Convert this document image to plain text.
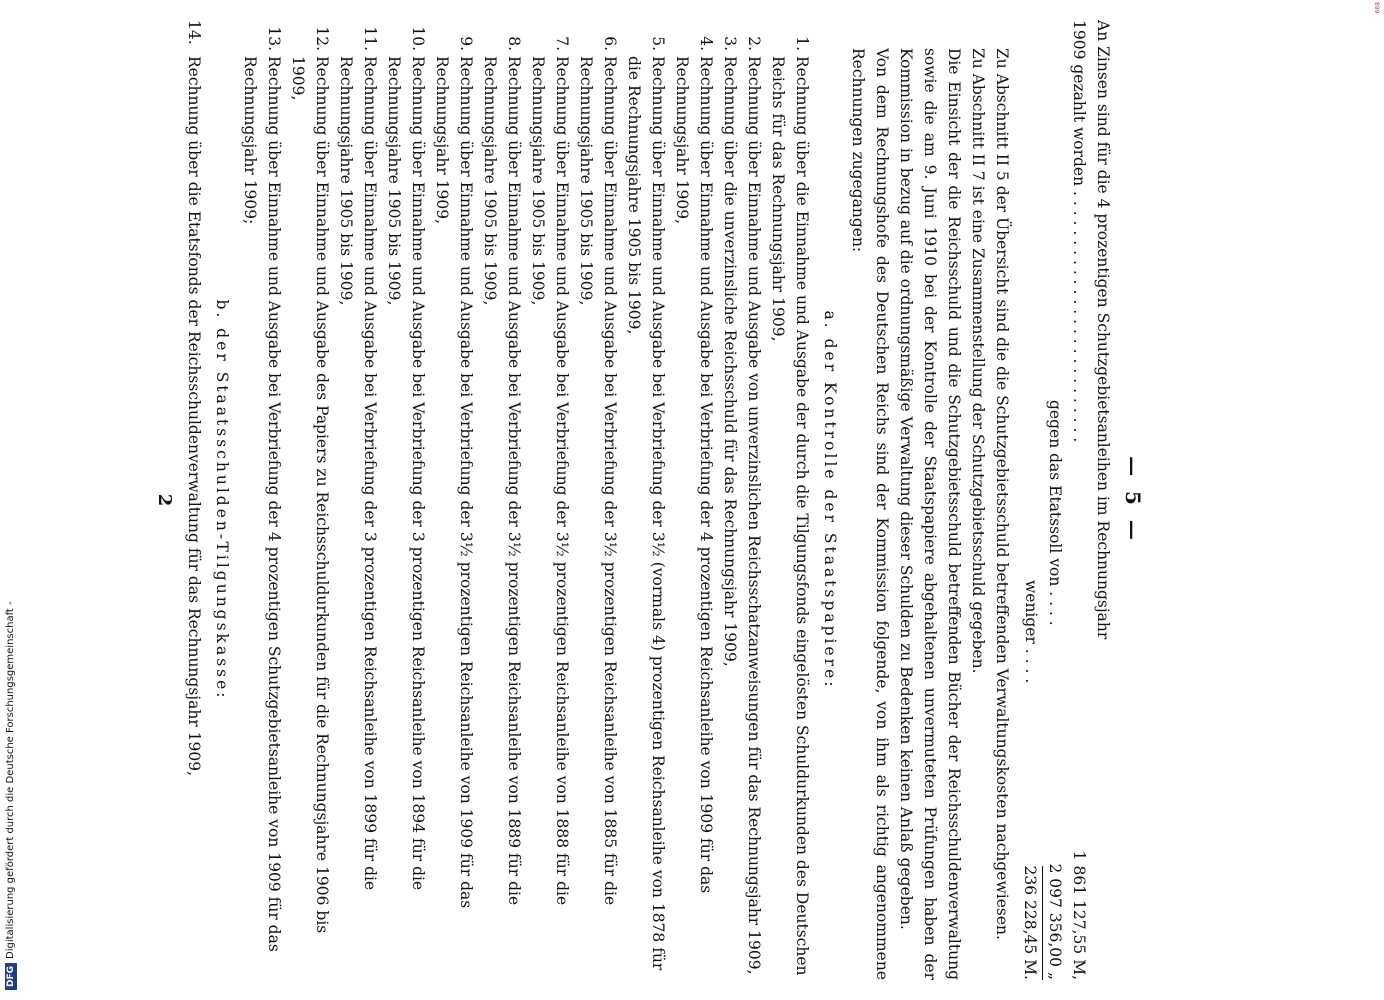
DFG
Digitalisierung gefördert durch die Deutsche Forschungsgemeinschaft -
899
— 5 —
An Zinsen sind für die 4 prozentigen Schutzgebietsanleihen im Rechnungsjahr
1909 gezahlt worden . . . . . . . . . . . . . . . . . . . . . . . . . .
1 861 127,55 M,
gegen das Etatssoll von . . . .
2 097 356,00 „
weniger . . . .
236 228,45 M.

Zu Abschnitt II 5 der Übersicht sind die die Schutzgebietsschuld betreffenden Verwaltungskosten nachgewiesen.

Zu Abschnitt II 7 ist eine Zusammenstellung der Schutzgebietsschuld gegeben.

Die Einsicht der die Reichsschuld und die Schutzgebietsschuld betreffenden Bücher der Reichsschuldenverwaltung sowie die am 9. Juni 1910 bei der Kontrolle der Staatspapiere abgehaltenen unvermuteten Prüfungen haben der Kommission in bezug auf die ordnungsmäßige Verwaltung dieser Schulden zu Bedenken keinen Anlaß gegeben.

Von dem Rechnungshofe des Deutschen Reichs sind der Kommission folgende, von ihm als richtig angenommene Rechnungen zugegangen:

a. der Kontrolle der Staatspapiere:
1. Rechnung über die Einnahme und Ausgabe der durch die Tilgungsfonds eingelösten Schuldurkunden des Deutschen Reichs für das Rechnungsjahr 1909,
2. Rechnung über Einnahme und Ausgabe von unverzinslichen Reichsschatzanweisungen für das Rechnungsjahr 1909,
3. Rechnung über die unverzinsliche Reichsschuld für das Rechnungsjahr 1909,
4. Rechnung über Einnahme und Ausgabe bei Verbriefung der 4 prozentigen Reichsanleihe von 1909 für das Rechnungsjahr 1909,
5. Rechnung über Einnahme und Ausgabe bei Verbriefung der 3½ (vormals 4) prozentigen Reichsanleihe von 1878 für die Rechnungsjahre 1905 bis 1909,
6. Rechnung über Einnahme und Ausgabe bei Verbriefung der 3½ prozentigen Reichsanleihe von 1885 für die Rechnungsjahre 1905 bis 1909,
7. Rechnung über Einnahme und Ausgabe bei Verbriefung der 3½ prozentigen Reichsanleihe von 1888 für die Rechnungsjahre 1905 bis 1909,
8. Rechnung über Einnahme und Ausgabe bei Verbriefung der 3½ prozentigen Reichsanleihe von 1889 für die Rechnungsjahre 1905 bis 1909,
9. Rechnung über Einnahme und Ausgabe bei Verbriefung der 3½ prozentigen Reichsanleihe von 1909 für das Rechnungsjahr 1909,
10. Rechnung über Einnahme und Ausgabe bei Verbriefung der 3 prozentigen Reichsanleihe von 1894 für die Rechnungsjahre 1905 bis 1909,
11. Rechnung über Einnahme und Ausgabe bei Verbriefung der 3 prozentigen Reichsanleihe von 1899 für die Rechnungsjahre 1905 bis 1909,
12. Rechnung über Einnahme und Ausgabe des Papiers zu Reichsschuldurkunden für die Rechnungsjahre 1906 bis 1909,
13. Rechnung über Einnahme und Ausgabe bei Verbriefung der 4 prozentigen Schutzgebietsanleihe von 1909 für das Rechnungsjahr 1909;
b. der Staatsschulden-Tilgungskasse:
14.
Rechnung über die Etatsfonds der Reichsschuldenverwaltung für das Rechnungsjahr 1909,
2
